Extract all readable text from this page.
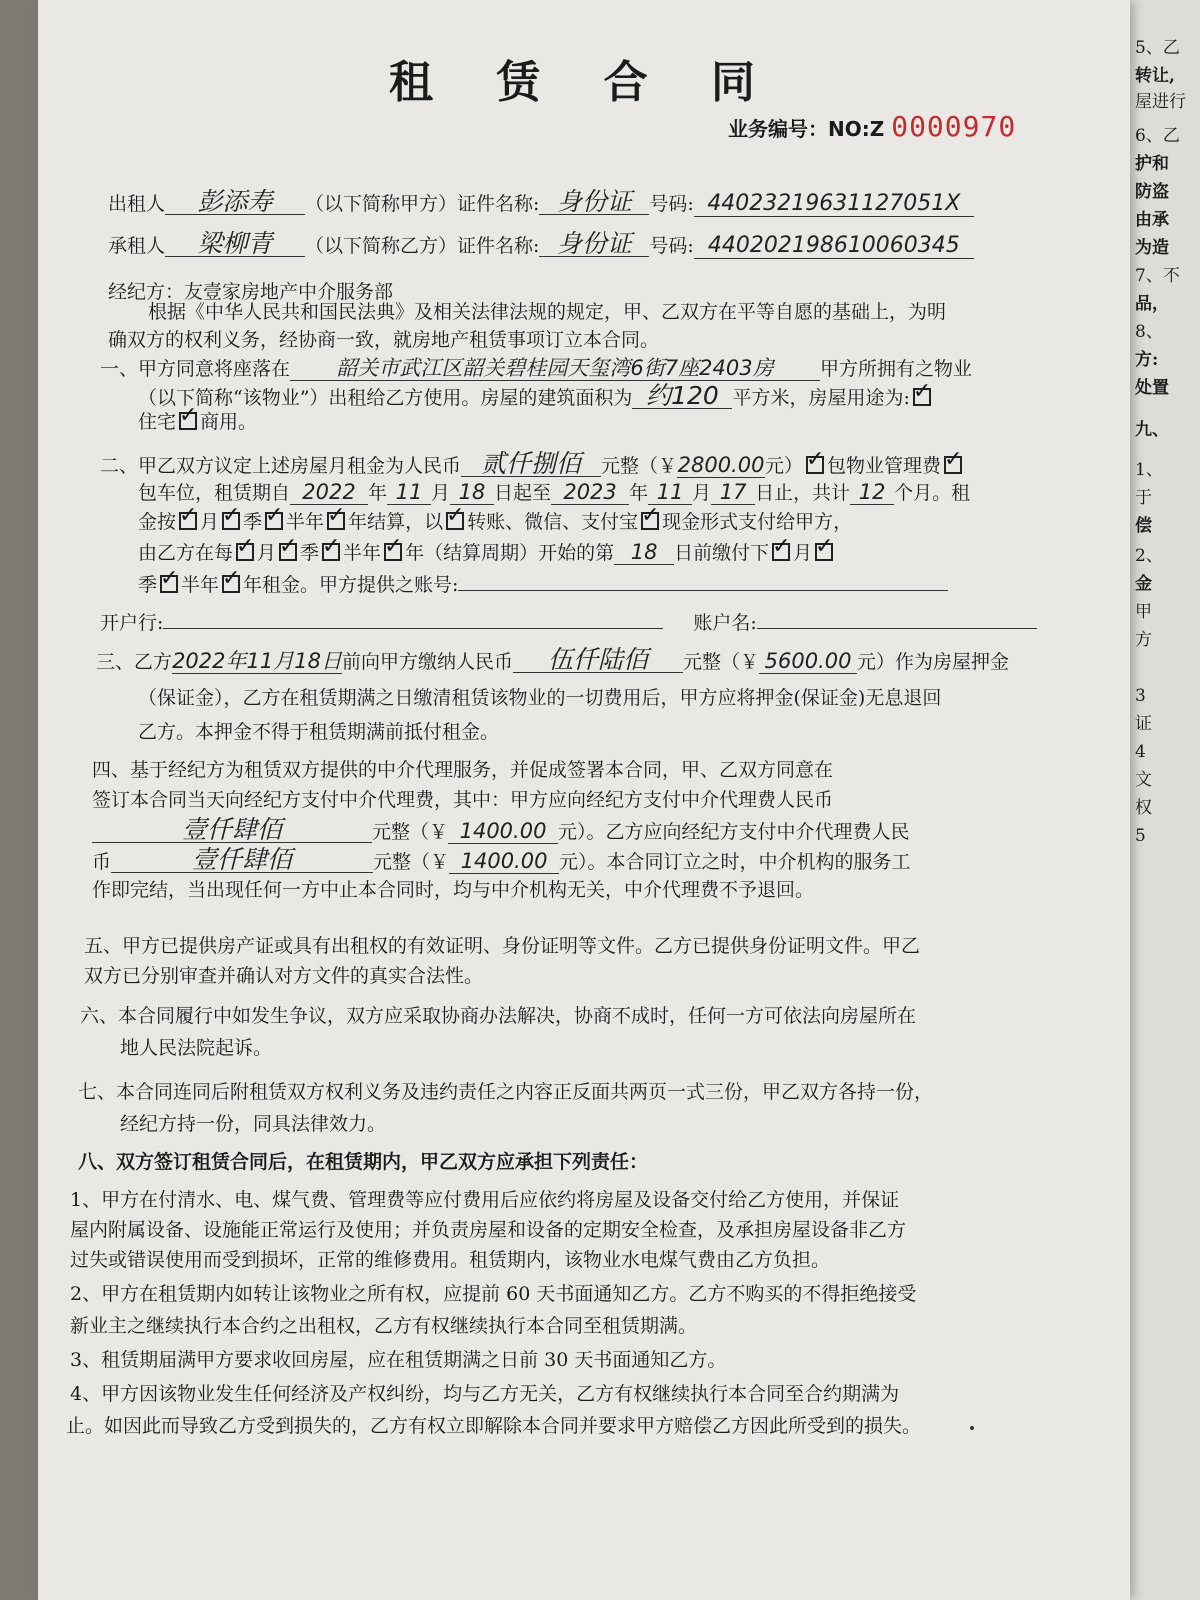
5、乙
转让,
屋进行
6、乙
护和
防盗
由承
为造
7、不
品，
8、
方:
处置
九、
1、
于
偿
2、
金
甲
方
3
证
4
文
权
5
租 赁 合 同
业务编号：NO:Z 0000970
出租人 彭添寿 （以下简称甲方）证件名称: 身份证 号码: 44023219631127051X
承租人 梁柳青 （以下简称乙方）证件名称: 身份证 号码: 440202198610060345
经纪方：友壹家房地产中介服务部
根据《中华人民共和国民法典》及相关法律法规的规定，甲、乙双方在平等自愿的基础上，为明
确双方的权利义务，经协商一致，就房地产租赁事项订立本合同。
一、甲方同意将座落在 韶关市武江区韶关碧桂园天玺湾6街7座2403房 甲方所拥有之物业
（以下简称“该物业”）出租给乙方使用。房屋的建筑面积为 约120 平方米，房屋用途为:✓
住宅 ✓ 商用。
二、甲乙双方议定上述房屋月租金为人民币 贰仟捌佰 元整（￥2800.00元） ✓ 包物业管理费✓
包车位，租赁期自 2022 年 11 月 18 日起至 2023 年 11 月 17 日止，共计 12 个月。租
金按 ✓ 月 ✓ 季 ✓ 半年 ✓ 年结算，以 ✓ 转账、微信、支付宝 ✓ 现金形式支付给甲方，
由乙方在每 ✓ 月 ✓ 季 ✓ 半年 ✓ 年（结算周期）开始的第 18 日前缴付下 ✓ 月✓
季 ✓ 半年 ✓ 年租金。甲方提供之账号:
开户行:	账户名:
三、乙方2022年11月18日前向甲方缴纳人民币 伍仟陆佰 元整（￥ 5600.00 元）作为房屋押金
（保证金），乙方在租赁期满之日缴清租赁该物业的一切费用后，甲方应将押金(保证金)无息退回
乙方。本押金不得于租赁期满前抵付租金。
四、基于经纪方为租赁双方提供的中介代理服务，并促成签署本合同，甲、乙双方同意在
签订本合同当天向经纪方支付中介代理费，其中：甲方应向经纪方支付中介代理费人民币
壹仟肆佰	元整（￥ 1400.00 元）。乙方应向经纪方支付中介代理费人民
币	壹仟肆佰	元整（￥ 1400.00 元）。本合同订立之时，中介机构的服务工
作即完结，当出现任何一方中止本合同时，均与中介机构无关，中介代理费不予退回。
五、甲方已提供房产证或具有出租权的有效证明、身份证明等文件。乙方已提供身份证明文件。甲乙
双方已分别审查并确认对方文件的真实合法性。
六、本合同履行中如发生争议，双方应采取协商办法解决，协商不成时，任何一方可依法向房屋所在
地人民法院起诉。
七、本合同连同后附租赁双方权利义务及违约责任之内容正反面共两页一式三份，甲乙双方各持一份，
经纪方持一份，同具法律效力。
八、双方签订租赁合同后，在租赁期内，甲乙双方应承担下列责任：
1、甲方在付清水、电、煤气费、管理费等应付费用后应依约将房屋及设备交付给乙方使用，并保证
屋内附属设备、设施能正常运行及使用；并负责房屋和设备的定期安全检查，及承担房屋设备非乙方
过失或错误使用而受到损坏，正常的维修费用。租赁期内，该物业水电煤气费由乙方负担。
2、甲方在租赁期内如转让该物业之所有权，应提前 60 天书面通知乙方。乙方不购买的不得拒绝接受
新业主之继续执行本合约之出租权，乙方有权继续执行本合同至租赁期满。
3、租赁期届满甲方要求收回房屋，应在租赁期满之日前 30 天书面通知乙方。
4、甲方因该物业发生任何经济及产权纠纷，均与乙方无关，乙方有权继续执行本合同至合约期满为
止。如因此而导致乙方受到损失的，乙方有权立即解除本合同并要求甲方赔偿乙方因此所受到的损失。
